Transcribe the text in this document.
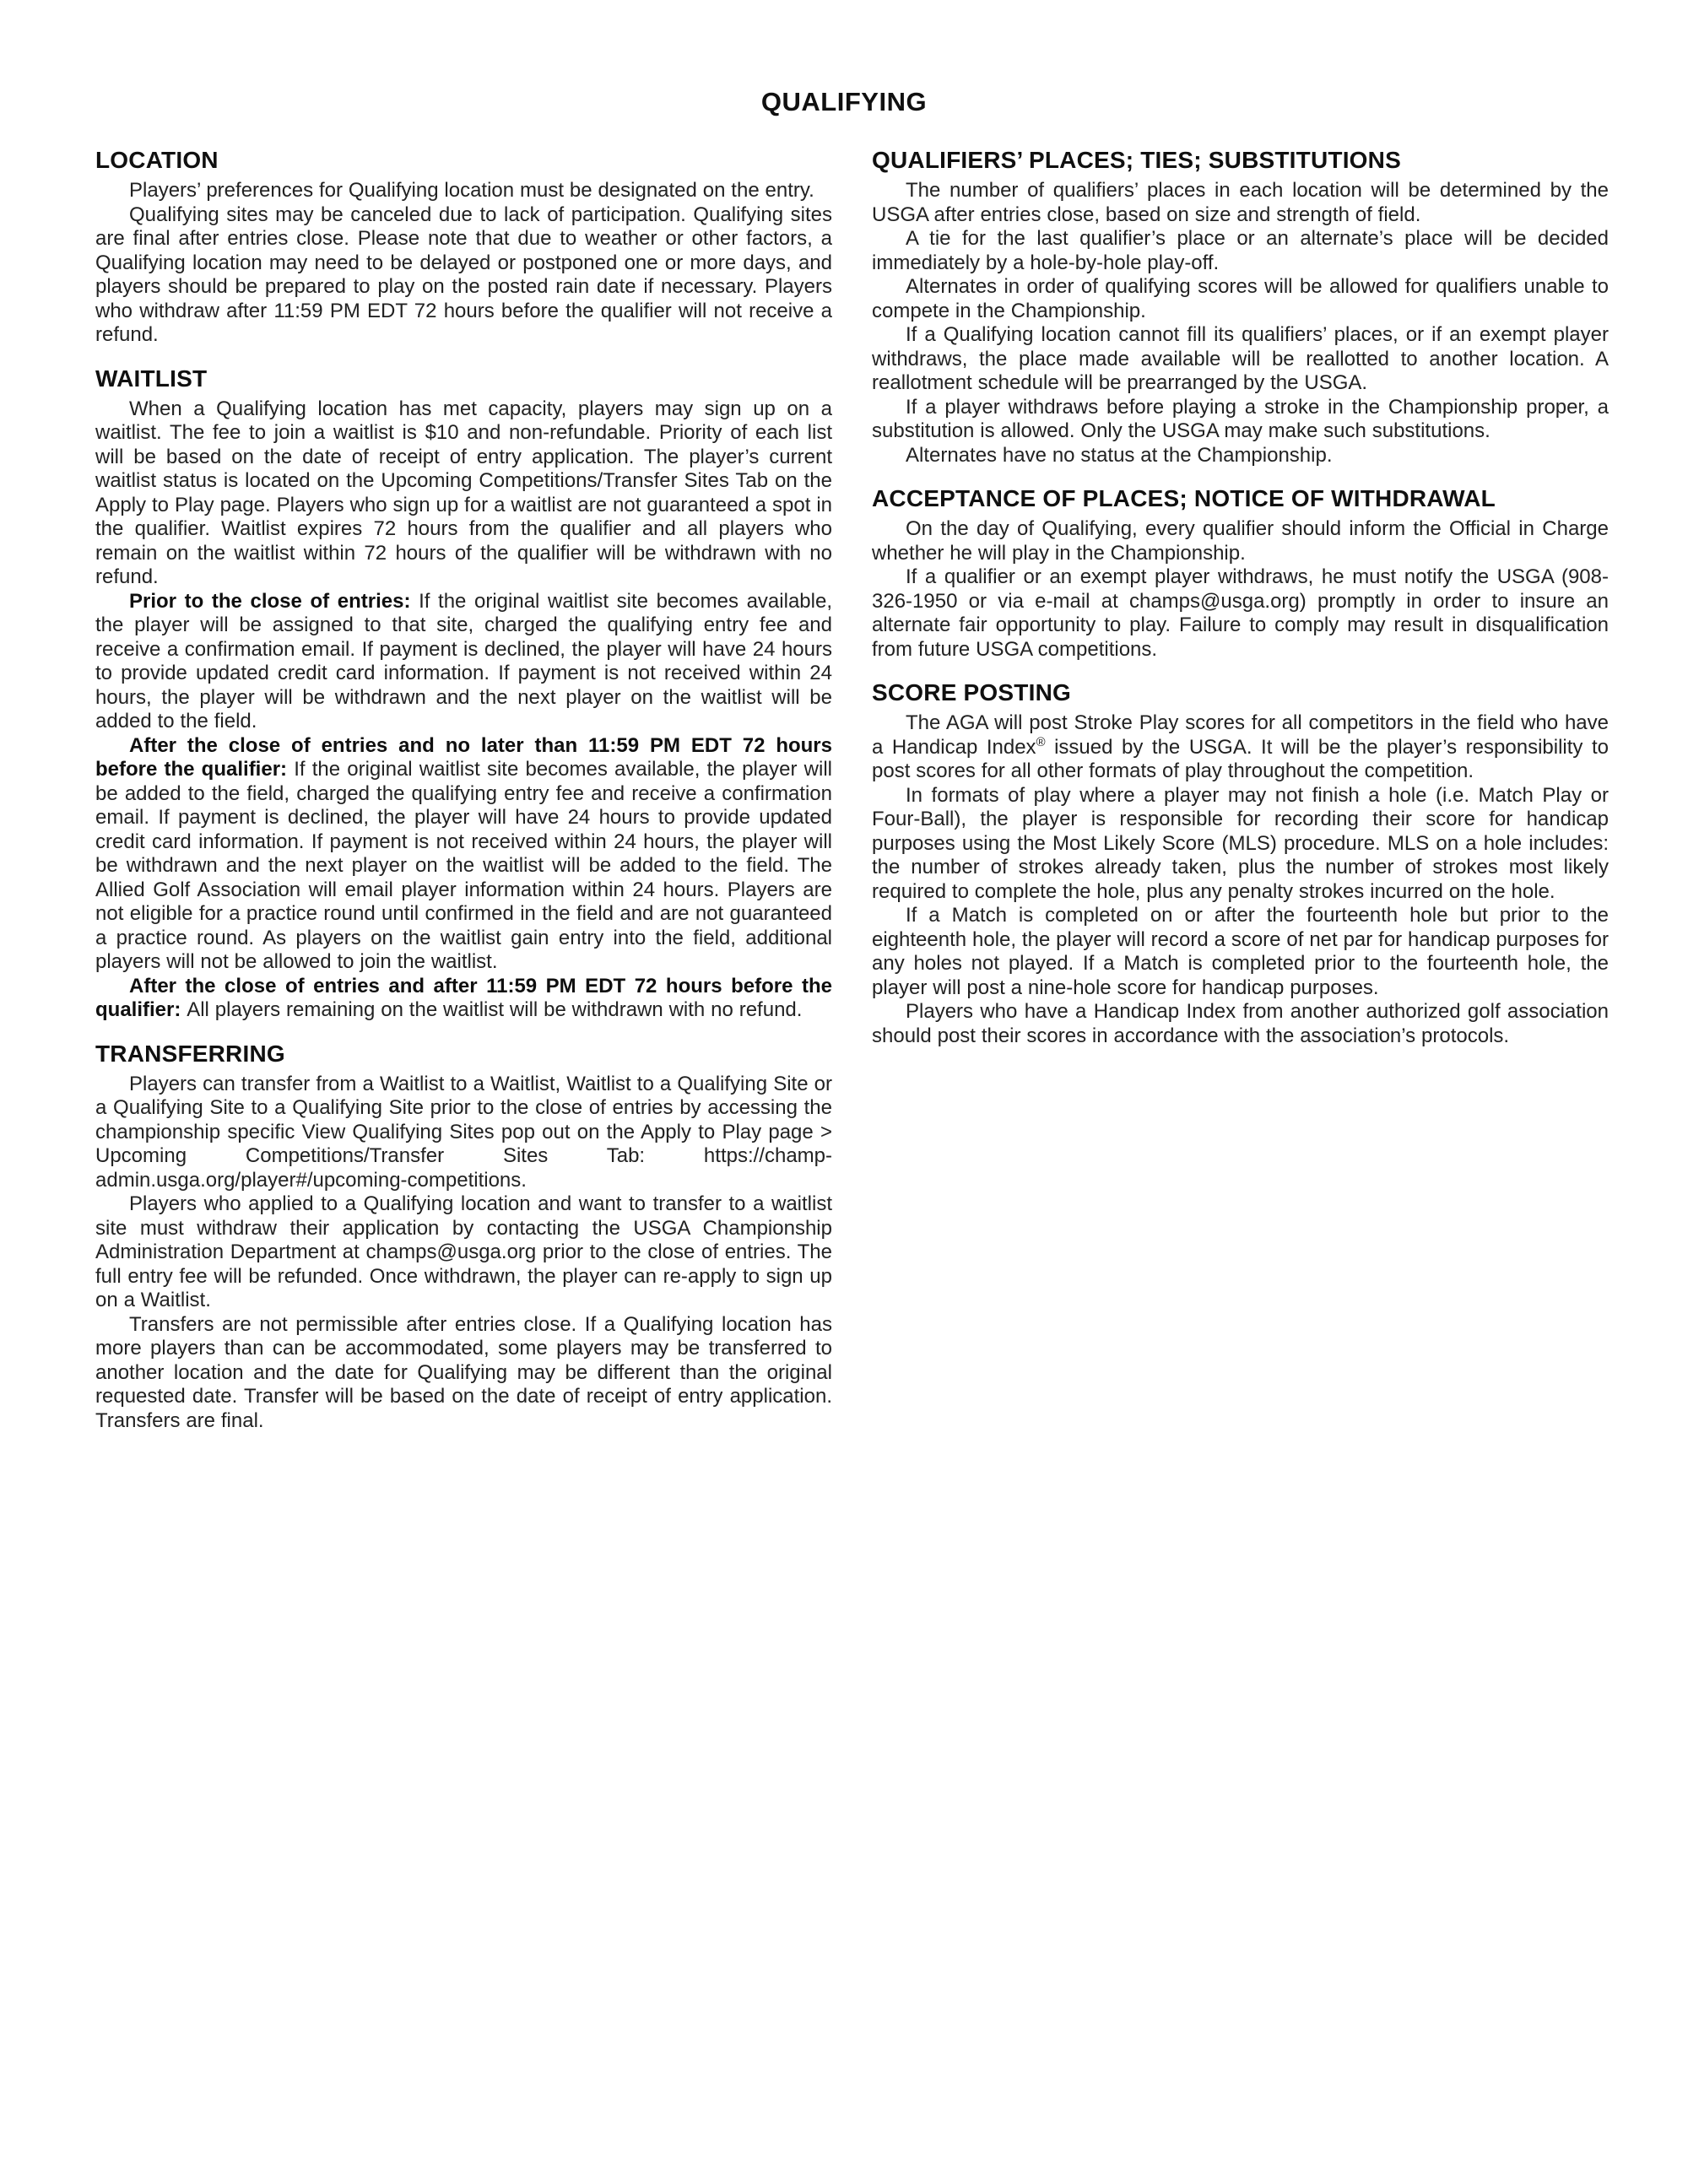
QUALIFYING
LOCATION

Players’ preferences for Qualifying location must be designated on the entry.

Qualifying sites may be canceled due to lack of participation. Qualifying sites are final after entries close. Please note that due to weather or other factors, a Qualifying location may need to be delayed or postponed one or more days, and players should be prepared to play on the posted rain date if necessary. Players who withdraw after 11:59 PM EDT 72 hours before the qualifier will not receive a refund.

WAITLIST

When a Qualifying location has met capacity, players may sign up on a waitlist. The fee to join a waitlist is $10 and non-refundable. Priority of each list will be based on the date of receipt of entry application. The player’s current waitlist status is located on the Upcoming Competitions/Transfer Sites Tab on the Apply to Play page. Players who sign up for a waitlist are not guaranteed a spot in the qualifier. Waitlist expires 72 hours from the qualifier and all players who remain on the waitlist within 72 hours of the qualifier will be withdrawn with no refund.

Prior to the close of entries: If the original waitlist site becomes available, the player will be assigned to that site, charged the qualifying entry fee and receive a confirmation email. If payment is declined, the player will have 24 hours to provide updated credit card information. If payment is not received within 24 hours, the player will be withdrawn and the next player on the waitlist will be added to the field.

After the close of entries and no later than 11:59 PM EDT 72 hours before the qualifier: If the original waitlist site becomes available, the player will be added to the field, charged the qualifying entry fee and receive a confirmation email. If payment is declined, the player will have 24 hours to provide updated credit card information. If payment is not received within 24 hours, the player will be withdrawn and the next player on the waitlist will be added to the field. The Allied Golf Association will email player information within 24 hours. Players are not eligible for a practice round until confirmed in the field and are not guaranteed a practice round. As players on the waitlist gain entry into the field, additional players will not be allowed to join the waitlist.

After the close of entries and after 11:59 PM EDT 72 hours before the qualifier: All players remaining on the waitlist will be withdrawn with no refund.

TRANSFERRING

Players can transfer from a Waitlist to a Waitlist, Waitlist to a Qualifying Site or a Qualifying Site to a Qualifying Site prior to the close of entries by accessing the championship specific View Qualifying Sites pop out on the Apply to Play page > Upcoming Competitions/Transfer Sites Tab: https://champ-admin.usga.org/player#/upcoming-competitions.

Players who applied to a Qualifying location and want to transfer to a waitlist site must withdraw their application by contacting the USGA Championship Administration Department at champs@usga.org prior to the close of entries. The full entry fee will be refunded. Once withdrawn, the player can re-apply to sign up on a Waitlist.

Transfers are not permissible after entries close. If a Qualifying location has more players than can be accommodated, some players may be transferred to another location and the date for Qualifying may be different than the original requested date. Transfer will be based on the date of receipt of entry application. Transfers are final.

QUALIFIERS’ PLACES; TIES; SUBSTITUTIONS

The number of qualifiers’ places in each location will be determined by the USGA after entries close, based on size and strength of field.

A tie for the last qualifier’s place or an alternate’s place will be decided immediately by a hole-by-hole play-off.

Alternates in order of qualifying scores will be allowed for qualifiers unable to compete in the Championship.

If a Qualifying location cannot fill its qualifiers’ places, or if an exempt player withdraws, the place made available will be reallotted to another location. A reallotment schedule will be prearranged by the USGA.

If a player withdraws before playing a stroke in the Championship proper, a substitution is allowed. Only the USGA may make such substitutions.

Alternates have no status at the Championship.

ACCEPTANCE OF PLACES; NOTICE OF WITHDRAWAL

On the day of Qualifying, every qualifier should inform the Official in Charge whether he will play in the Championship.

If a qualifier or an exempt player withdraws, he must notify the USGA (908-326-1950 or via e-mail at champs@usga.org) promptly in order to insure an alternate fair opportunity to play. Failure to comply may result in disqualification from future USGA competitions.

SCORE POSTING

The AGA will post Stroke Play scores for all competitors in the field who have a Handicap Index® issued by the USGA. It will be the player’s responsibility to post scores for all other formats of play throughout the competition.

In formats of play where a player may not finish a hole (i.e. Match Play or Four-Ball), the player is responsible for recording their score for handicap purposes using the Most Likely Score (MLS) procedure. MLS on a hole includes: the number of strokes already taken, plus the number of strokes most likely required to complete the hole, plus any penalty strokes incurred on the hole.

If a Match is completed on or after the fourteenth hole but prior to the eighteenth hole, the player will record a score of net par for handicap purposes for any holes not played. If a Match is completed prior to the fourteenth hole, the player will post a nine-hole score for handicap purposes.

Players who have a Handicap Index from another authorized golf association should post their scores in accordance with the association’s protocols.
